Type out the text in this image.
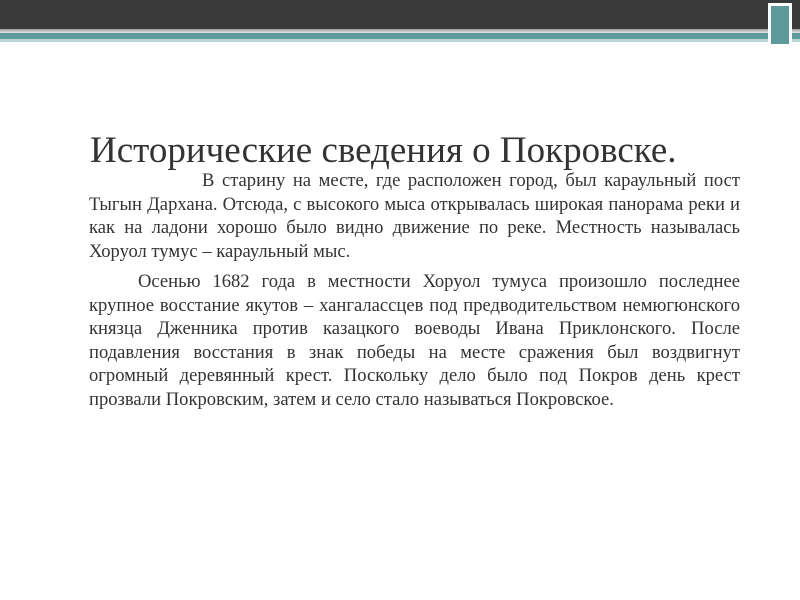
Исторические сведения о Покровске.

В старину на месте, где расположен город, был караульный пост Тыгын Дархана. Отсюда, с высокого мыса открывалась широкая панорама реки и как на ладони хорошо было видно движение по реке. Местность называлась Хоруол тумус – караульный мыс.

Осенью 1682 года в местности Хоруол тумуса произошло последнее крупное восстание якутов – хангалассцев под предводительством немюгюнского князца Дженника против казацкого воеводы Ивана Приклонского. После подавления восстания в знак победы на месте сражения был воздвигнут огромный деревянный крест. Поскольку дело было под Покров день крест прозвали Покровским, затем и село стало называться Покровское.
